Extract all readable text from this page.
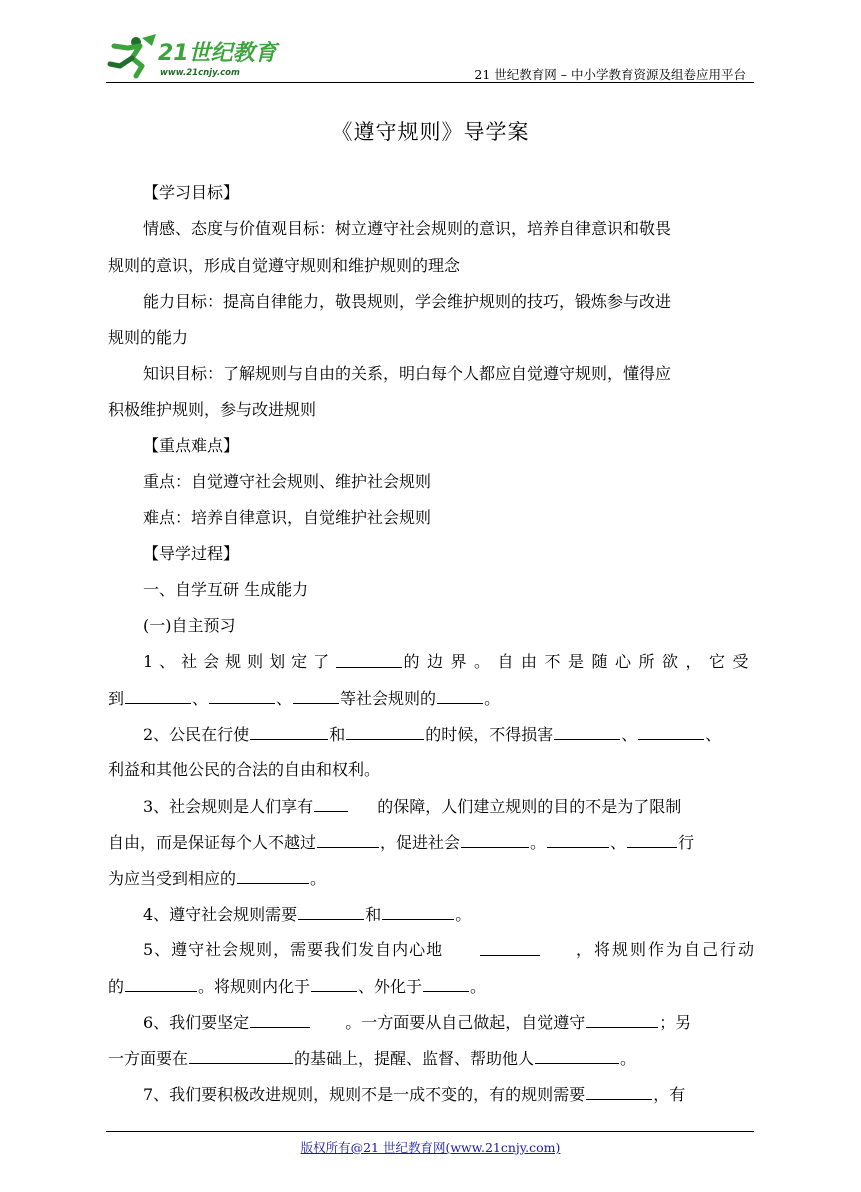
21世纪教育
www.21cnjy.com	21 世纪教育网 – 中小学教育资源及组卷应用平台
《遵守规则》导学案
【学习目标】
情感、态度与价值观目标：树立遵守社会规则的意识，培养自律意识和敬畏
规则的意识，形成自觉遵守规则和维护规则的理念
能力目标：提高自律能力，敬畏规则，学会维护规则的技巧，锻炼参与改进
规则的能力
知识目标：了解规则与自由的关系，明白每个人都应自觉遵守规则，懂得应
积极维护规则，参与改进规则
【重点难点】
重点：自觉遵守社会规则、维护社会规则
难点：培养自律意识，自觉维护社会规则
【导学过程】
一、自学互研 生成能力
(一)自主预习
1、社会规则划定了	的边界。自由不是随心所欲，它受
到	、	、	等社会规则的	。
2、公民在行使	和	的时候，不得损害	、	、
利益和其他公民的合法的自由和权利。
3、社会规则是人们享有	的保障，人们建立规则的目的不是为了限制
自由，而是保证每个人不越过	，促进社会	。	、	行
为应当受到相应的	。
4、遵守社会规则需要	和	。
5、遵守社会规则，需要我们发自内心地	，将规则作为自己行动
的	。将规则内化于	、外化于	。
6、我们要坚定	。一方面要从自己做起，自觉遵守	；另
一方面要在	的基础上，提醒、监督、帮助他人	。
7、我们要积极改进规则，规则不是一成不变的，有的规则需要	，有
版权所有@21 世纪教育网(www.21cnjy.com)
